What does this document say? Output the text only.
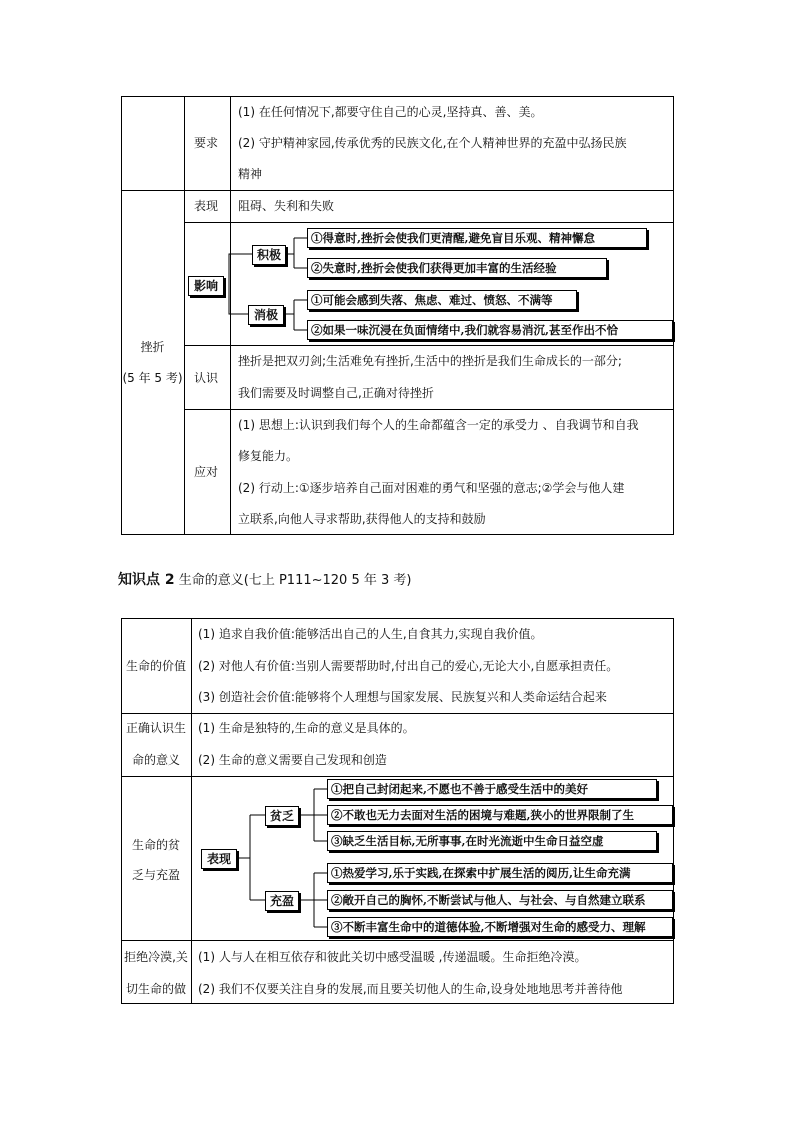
要求
(1) 在任何情况下,都要守住自己的心灵,坚持真、善、美。
(2) 守护精神家园,传承优秀的民族文化,在个人精神世界的充盈中弘扬民族
精神
挫折
(5 年 5 考)
表现 阻碍、失利和失败
影响
积极
消极
①得意时,挫折会使我们更清醒,避免盲目乐观、精神懈怠
②失意时,挫折会使我们获得更加丰富的生活经验
①可能会感到失落、焦虑、难过、愤怒、不满等
②如果一味沉浸在负面情绪中,我们就容易消沉,甚至作出不恰
认识
挫折是把双刃剑;生活难免有挫折,生活中的挫折是我们生命成长的一部分;
我们需要及时调整自己,正确对待挫折
应对
(1) 思想上:认识到我们每个人的生命都蕴含一定的承受力 、自我调节和自我
修复能力。
(2) 行动上:①逐步培养自己面对困难的勇气和坚强的意志;②学会与他人建
立联系,向他人寻求帮助,获得他人的支持和鼓励
知识点 2 生命的意义(七上 P111~120 5 年 3 考)
生命的价值
(1) 追求自我价值:能够活出自己的人生,自食其力,实现自我价值。
(2) 对他人有价值:当别人需要帮助时,付出自己的爱心,无论大小,自愿承担责任。
(3) 创造社会价值:能够将个人理想与国家发展、民族复兴和人类命运结合起来
正确认识生
命的意义
(1) 生命是独特的,生命的意义是具体的。
(2) 生命的意义需要自己发现和创造
生命的贫
乏与充盈
表现
贫乏
充盈
①把自己封闭起来,不愿也不善于感受生活中的美好
②不敢也无力去面对生活的困境与难题,狭小的世界限制了生
③缺乏生活目标,无所事事,在时光流逝中生命日益空虚
①热爱学习,乐于实践,在探索中扩展生活的阅历,让生命充满
②敞开自己的胸怀,不断尝试与他人、与社会、与自然建立联系
③不断丰富生命中的道德体验,不断增强对生命的感受力、理解
拒绝冷漠,关
切生命的做
(1) 人与人在相互依存和彼此关切中感受温暖 ,传递温暖。生命拒绝冷漠。
(2) 我们不仅要关注自身的发展,而且要关切他人的生命,设身处地地思考并善待他
